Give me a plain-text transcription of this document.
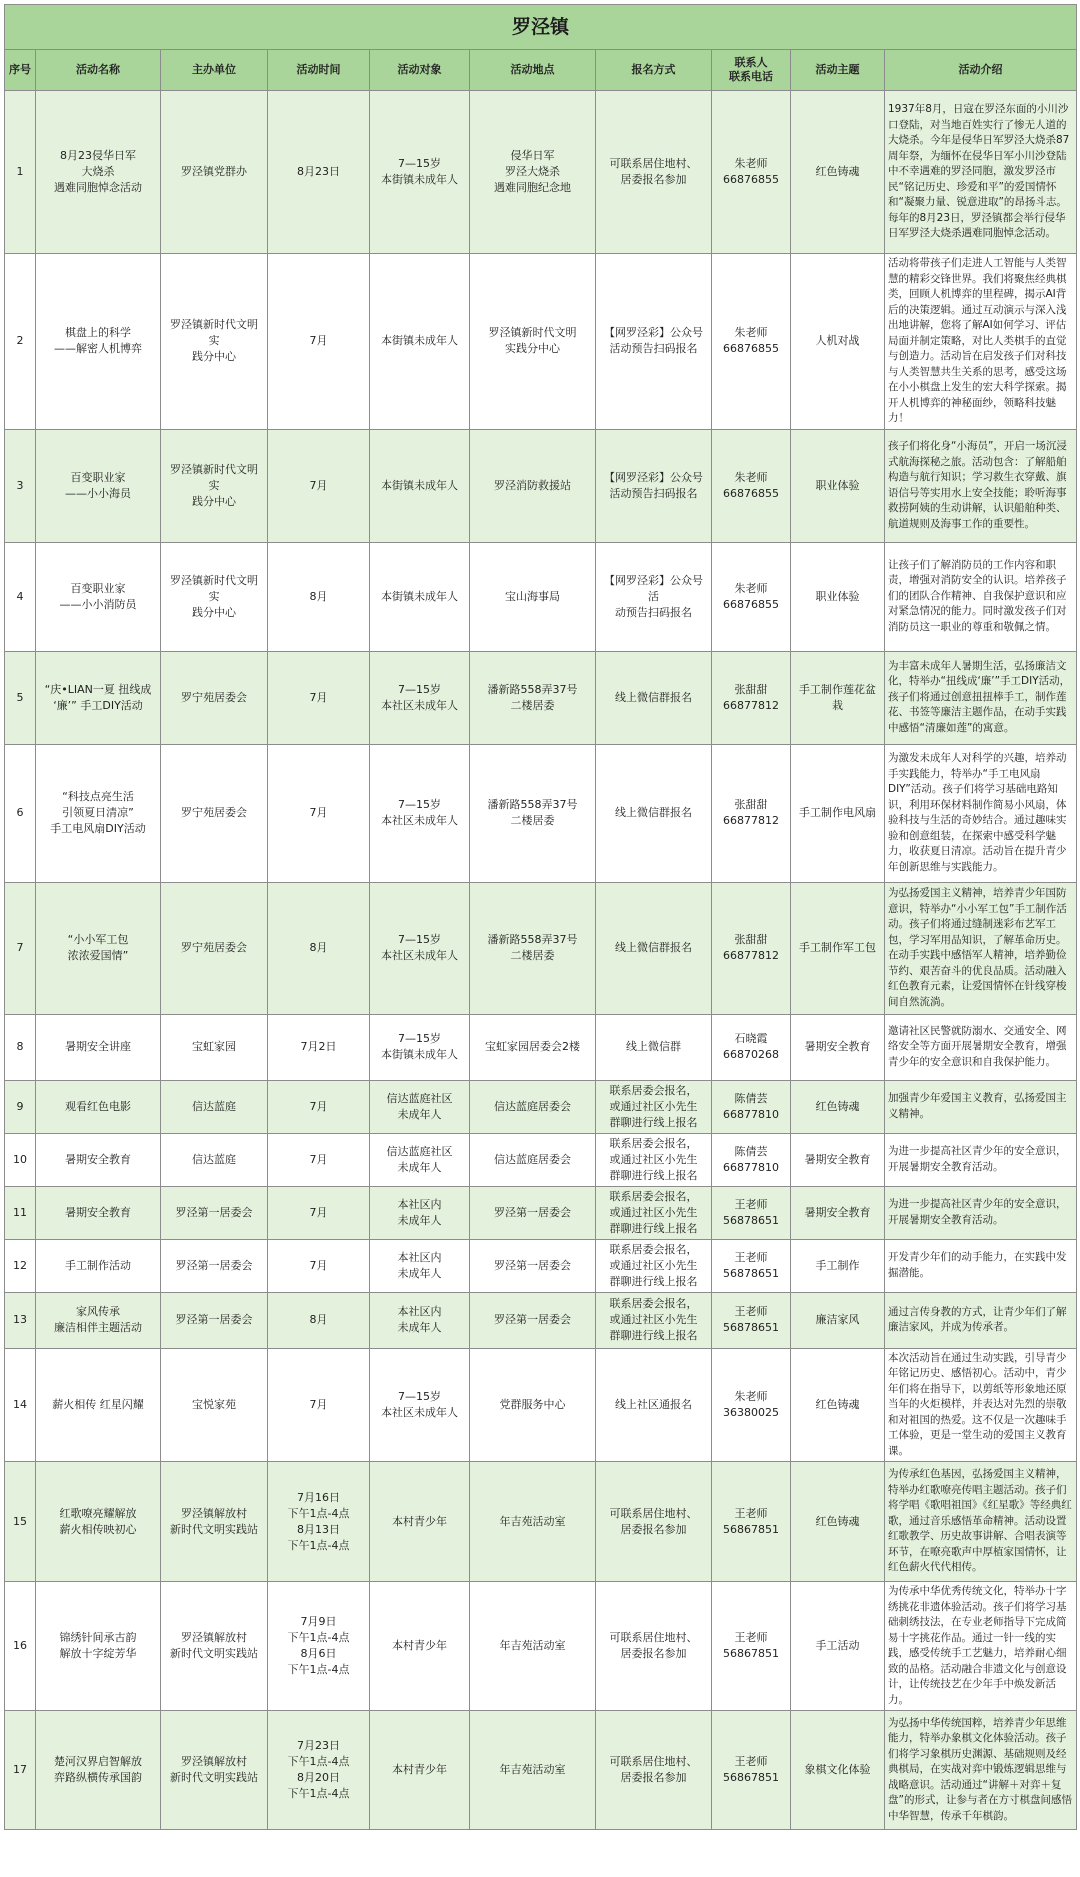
罗泾镇									
序号	活动名称	主办单位	活动时间	活动对象	活动地点	报名方式	联系人
联系电话	活动主题	活动介绍
1	8月23侵华日军
大烧杀
遇难同胞悼念活动	罗泾镇党群办	8月23日	7—15岁
本街镇未成年人	侵华日军
罗泾大烧杀
遇难同胞纪念地	可联系居住地村、
居委报名参加	朱老师
66876855	红色铸魂	1937年8月，日寇在罗泾东面的小川沙口登陆，对当地百姓实行了惨无人道的大烧杀。今年是侵华日军罗泾大烧杀87周年祭，为缅怀在侵华日军小川沙登陆中不幸遇难的罗泾同胞，激发罗泾市民“铭记历史、珍爱和平”的爱国情怀和“凝聚力量、锐意进取”的昂扬斗志。每年的8月23日，罗泾镇都会举行侵华日军罗泾大烧杀遇难同胞悼念活动。
2	棋盘上的科学
——解密人机博弈	罗泾镇新时代文明实
践分中心	7月	本街镇未成年人	罗泾镇新时代文明
实践分中心	【网罗泾彩】公众号
活动预告扫码报名	朱老师
66876855	人机对战	活动将带孩子们走进人工智能与人类智慧的精彩交锋世界。我们将聚焦经典棋类，回顾人机博弈的里程碑，揭示AI背后的决策逻辑。通过互动演示与深入浅出地讲解，您将了解AI如何学习、评估局面并制定策略，对比人类棋手的直觉与创造力。活动旨在启发孩子们对科技与人类智慧共生关系的思考，感受这场在小小棋盘上发生的宏大科学探索。揭开人机博弈的神秘面纱，领略科技魅力！
3	百变职业家
——小小海员	罗泾镇新时代文明实
践分中心	7月	本街镇未成年人	罗泾消防救援站	【网罗泾彩】公众号
活动预告扫码报名	朱老师
66876855	职业体验	孩子们将化身“小海员”，开启一场沉浸式航海探秘之旅。活动包含：了解船舶构造与航行知识；学习救生衣穿戴、旗语信号等实用水上安全技能；聆听海事救捞阿姨的生动讲解，认识船舶种类、航道规则及海事工作的重要性。
4	百变职业家
——小小消防员	罗泾镇新时代文明实
践分中心	8月	本街镇未成年人	宝山海事局	【网罗泾彩】公众号活
动预告扫码报名	朱老师
66876855	职业体验	让孩子们了解消防员的工作内容和职责，增强对消防安全的认识。培养孩子们的团队合作精神、自我保护意识和应对紧急情况的能力。同时激发孩子们对消防员这一职业的尊重和敬佩之情。
5	“庆•LIAN一夏 扭线成
‘廉’” 手工DIY活动	罗宁苑居委会	7月	7—15岁
本社区未成年人	潘新路558弄37号
二楼居委	线上微信群报名	张甜甜
66877812	手工制作莲花盆栽	为丰富未成年人暑期生活，弘扬廉洁文化，特举办“扭线成‘廉’”手工DIY活动，孩子们将通过创意扭扭棒手工，制作莲花、书签等廉洁主题作品，在动手实践中感悟“清廉如莲”的寓意。
6	“科技点亮生活
引领夏日清凉”
手工电风扇DIY活动	罗宁苑居委会	7月	7—15岁
本社区未成年人	潘新路558弄37号
二楼居委	线上微信群报名	张甜甜
66877812	手工制作电风扇	为激发未成年人对科学的兴趣，培养动手实践能力，特举办“手工电风扇DIY”活动。孩子们将学习基础电路知识，利用环保材料制作简易小风扇，体验科技与生活的奇妙结合。通过趣味实验和创意组装，在探索中感受科学魅力，收获夏日清凉。活动旨在提升青少年创新思维与实践能力。
7	“小小军工包
浓浓爱国情”	罗宁苑居委会	8月	7—15岁
本社区未成年人	潘新路558弄37号
二楼居委	线上微信群报名	张甜甜
66877812	手工制作军工包	为弘扬爱国主义精神，培养青少年国防意识，特举办“小小军工包”手工制作活动。孩子们将通过缝制迷彩布艺军工包，学习军用品知识，了解革命历史。在动手实践中感悟军人精神，培养勤俭节约、艰苦奋斗的优良品质。活动融入红色教育元素，让爱国情怀在针线穿梭间自然流淌。
8	暑期安全讲座	宝虹家园	7月2日	7—15岁
本街镇未成年人	宝虹家园居委会2楼	线上微信群	石晓霞
66870268	暑期安全教育	邀请社区民警就防溺水、交通安全、网络安全等方面开展暑期安全教育，增强青少年的安全意识和自我保护能力。
9	观看红色电影	信达蓝庭	7月	信达蓝庭社区
未成年人	信达蓝庭居委会	联系居委会报名，
或通过社区小先生
群聊进行线上报名	陈倩芸
66877810	红色铸魂	加强青少年爱国主义教育，弘扬爱国主义精神。
10	暑期安全教育	信达蓝庭	7月	信达蓝庭社区
未成年人	信达蓝庭居委会	联系居委会报名，
或通过社区小先生
群聊进行线上报名	陈倩芸
66877810	暑期安全教育	为进一步提高社区青少年的安全意识，开展暑期安全教育活动。
11	暑期安全教育	罗泾第一居委会	7月	本社区内
未成年人	罗泾第一居委会	联系居委会报名，
或通过社区小先生
群聊进行线上报名	王老师
56878651	暑期安全教育	为进一步提高社区青少年的安全意识，开展暑期安全教育活动。
12	手工制作活动	罗泾第一居委会	7月	本社区内
未成年人	罗泾第一居委会	联系居委会报名，
或通过社区小先生
群聊进行线上报名	王老师
56878651	手工制作	开发青少年们的动手能力，在实践中发掘潜能。
13	家风传承
廉洁相伴主题活动	罗泾第一居委会	8月	本社区内
未成年人	罗泾第一居委会	联系居委会报名，
或通过社区小先生
群聊进行线上报名	王老师
56878651	廉洁家风	通过言传身教的方式，让青少年们了解廉洁家风，并成为传承者。
14	薪火相传 红星闪耀	宝悦家苑	7月	7—15岁
本社区未成年人	党群服务中心	线上社区通报名	朱老师
36380025	红色铸魂	本次活动旨在通过生动实践，引导青少年铭记历史、感悟初心。活动中，青少年们将在指导下，以剪纸等形象地还原当年的火炬模样，并表达对先烈的崇敬和对祖国的热爱。这不仅是一次趣味手工体验，更是一堂生动的爱国主义教育课。
15	红歌嘹亮耀解放
薪火相传映初心	罗泾镇解放村
新时代文明实践站	7月16日
下午1点-4点
8月13日
下午1点-4点	本村青少年	年吉苑活动室	可联系居住地村、
居委报名参加	王老师
56867851	红色铸魂	为传承红色基因，弘扬爱国主义精神，特举办红歌嘹亮传唱主题活动。孩子们将学唱《歌唱祖国》《红星歌》等经典红歌，通过音乐感悟革命精神。活动设置红歌教学、历史故事讲解、合唱表演等环节，在嘹亮歌声中厚植家国情怀，让红色薪火代代相传。
16	锦绣针间承古韵
解放十字绽芳华	罗泾镇解放村
新时代文明实践站	7月9日
下午1点-4点
8月6日
下午1点-4点	本村青少年	年吉苑活动室	可联系居住地村、
居委报名参加	王老师
56867851	手工活动	为传承中华优秀传统文化，特举办十字绣挑花非遗体验活动。孩子们将学习基础刺绣技法，在专业老师指导下完成简易十字挑花作品。通过一针一线的实践，感受传统手工艺魅力，培养耐心细致的品格。活动融合非遗文化与创意设计，让传统技艺在少年手中焕发新活力。
17	楚河汉界启智解放
弈路纵横传承国韵	罗泾镇解放村
新时代文明实践站	7月23日
下午1点-4点
8月20日
下午1点-4点	本村青少年	年吉苑活动室	可联系居住地村、
居委报名参加	王老师
56867851	象棋文化体验	为弘扬中华传统国粹，培养青少年思维能力，特举办象棋文化体验活动。孩子们将学习象棋历史渊源、基础规则及经典棋局，在实战对弈中锻炼逻辑思维与战略意识。活动通过“讲解＋对弈＋复盘”的形式，让参与者在方寸棋盘间感悟中华智慧，传承千年棋韵。
